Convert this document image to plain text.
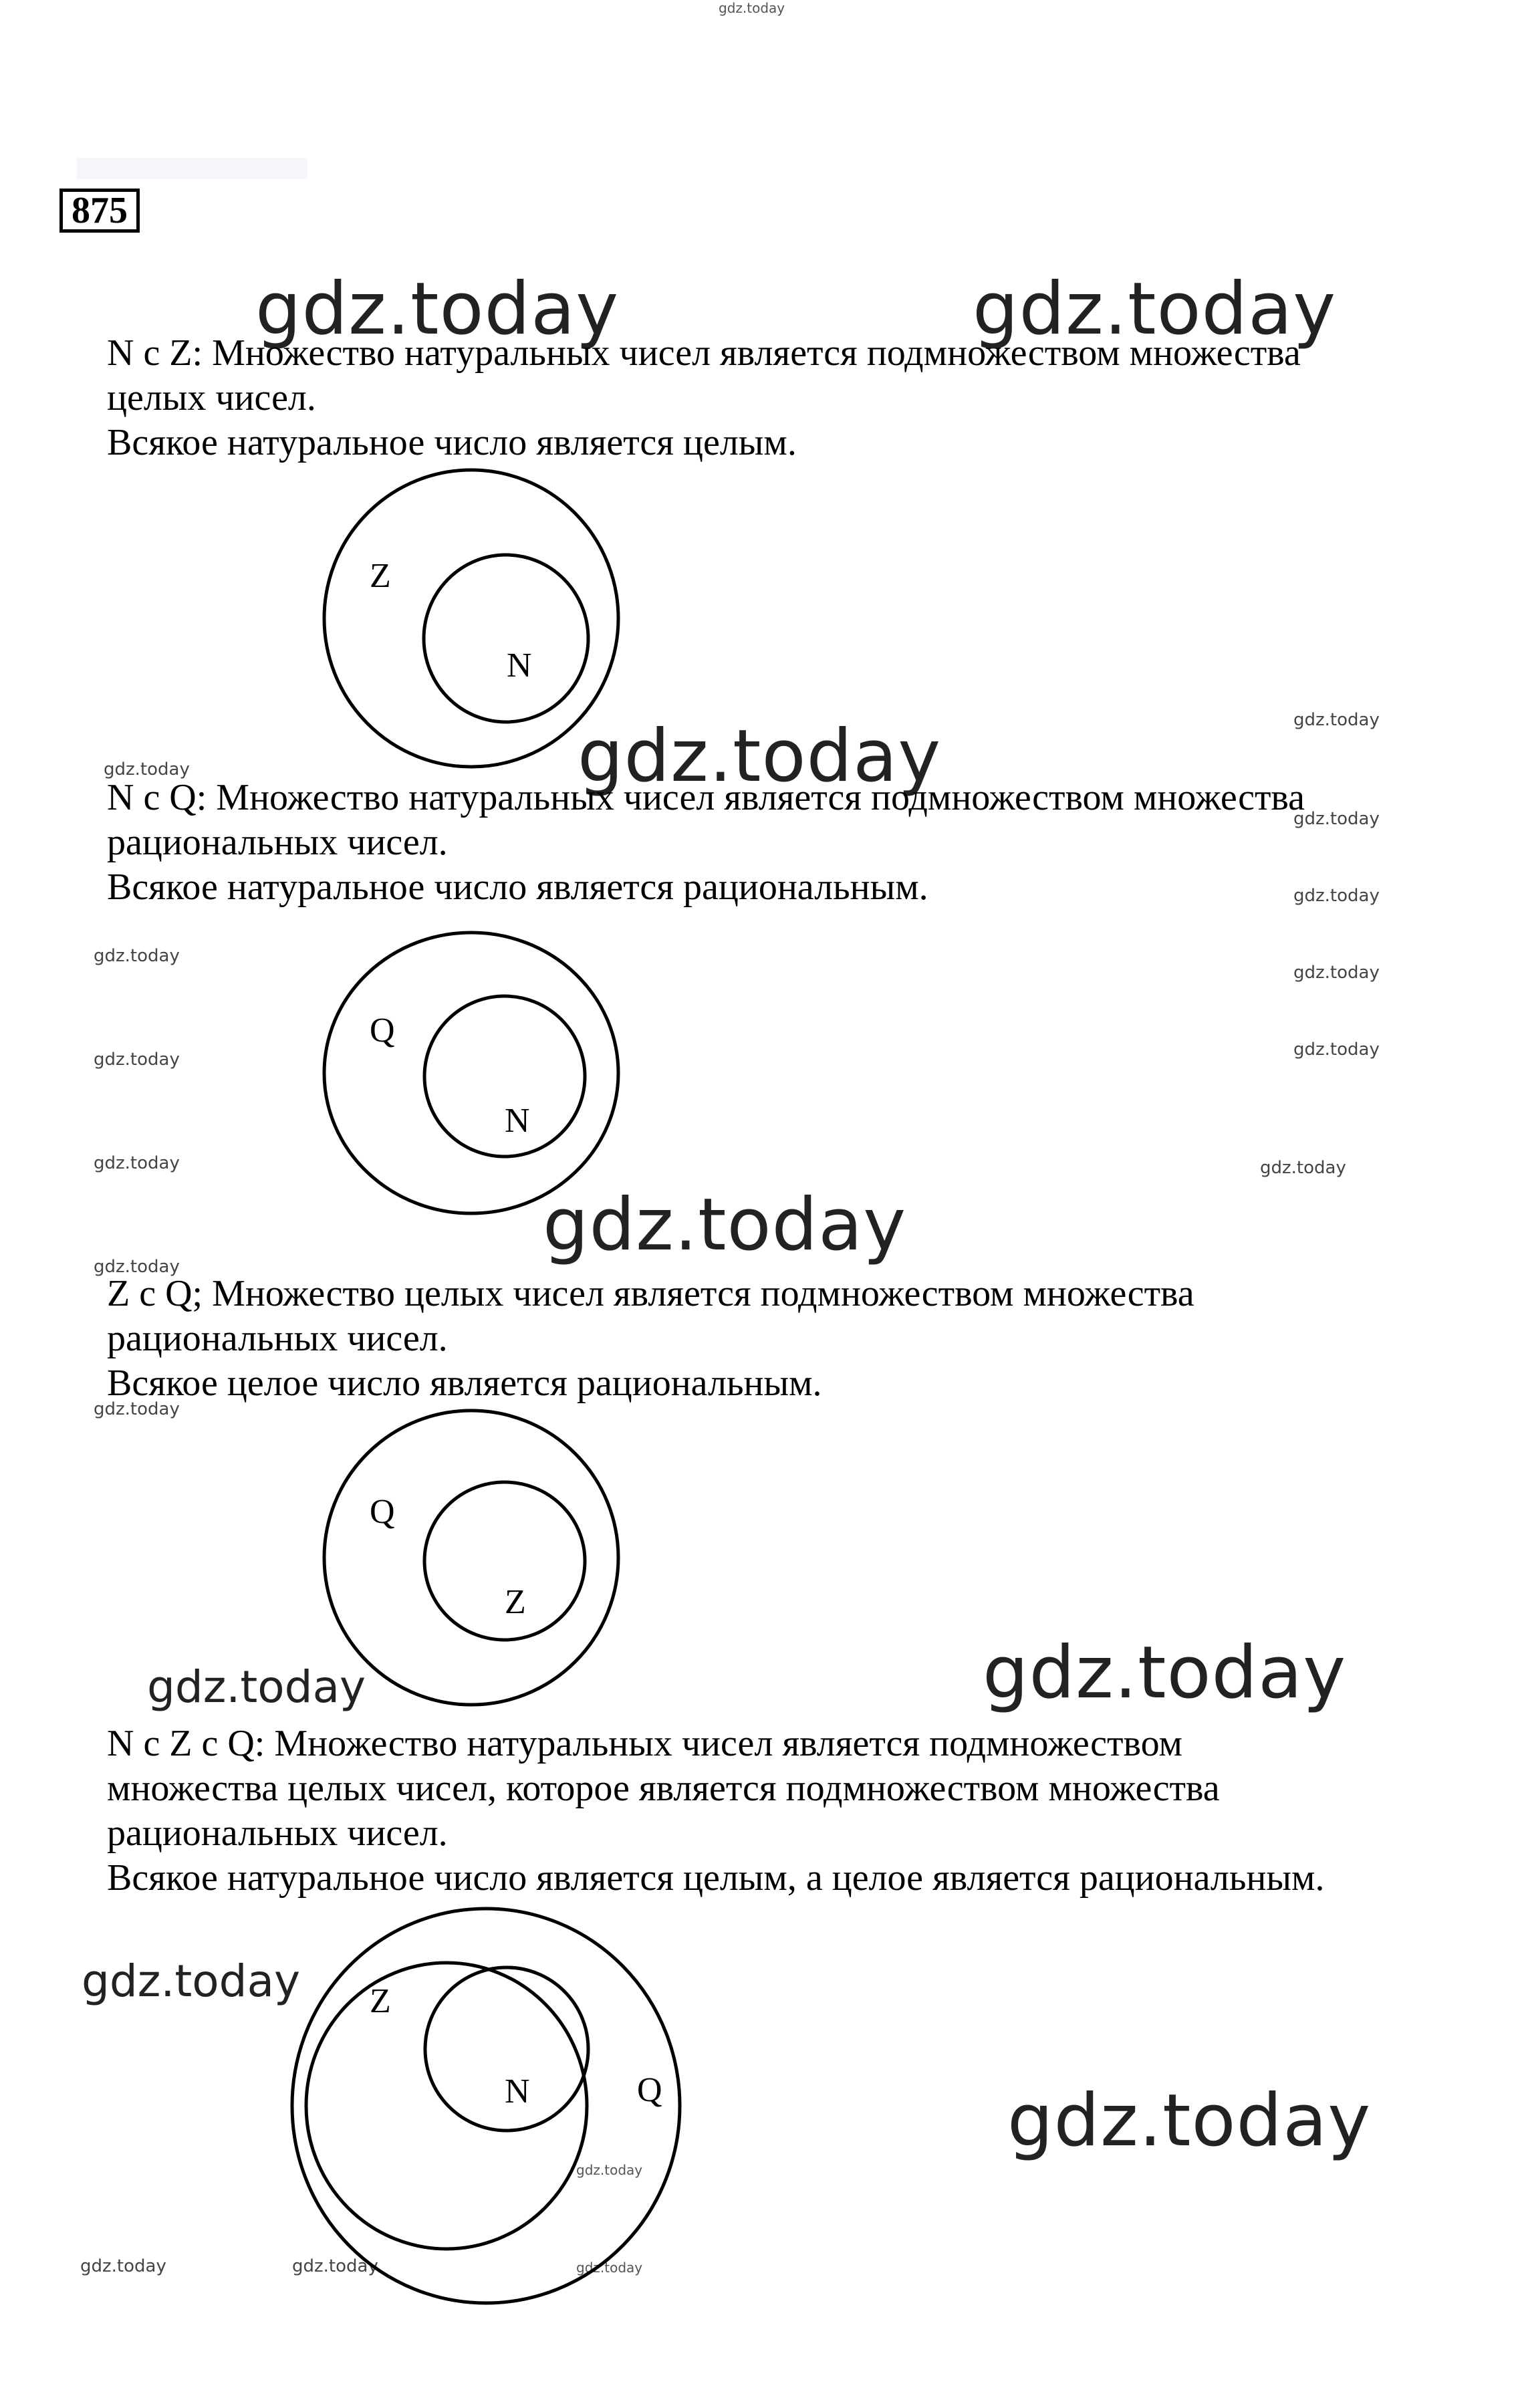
gdz.today
gdz.today	gdz.today
gdz.today
gdz.today	gdz.today
gdz.today
gdz.today
gdz.today
gdz.today
gdz.today	gdz.today
gdz.today	gdz.today
gdz.today
gdz.today
gdz.today
gdz.today	gdz.today
gdz.today
gdz.today
gdz.today
gdz.today	gdz.today	gdz.today
875
N c Z: Множество натуральных чисел является подмножеством множества
целых чисел.
Всякое натуральное число является целым.
Z
N
Q
N
Q
Z
Z
N	Q
N c Q: Множество натуральных чисел является подмножеством множества
рациональных чисел.
Всякое натуральное число является рациональным.
Z c Q; Множество целых чисел является подмножеством множества
рациональных чисел.
Всякое целое число является рациональным.
N c Z c Q: Множество натуральных чисел является подмножеством
множества целых чисел, которое является подмножеством множества
рациональных чисел.
Всякое натуральное число является целым, а целое является рациональным.
